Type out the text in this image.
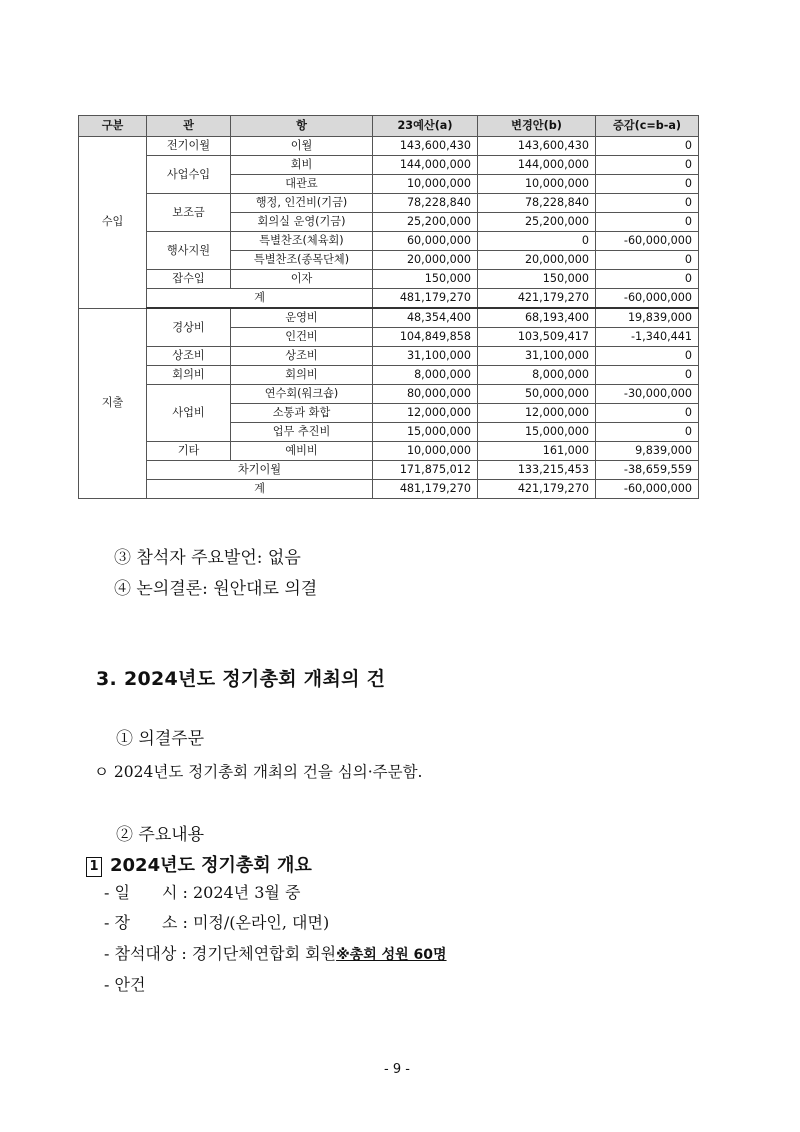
구분	관	항	23예산(a)	변경안(b)	증감(c=b-a)
수입	전기이월	이월	143,600,430	143,600,430	0
	사업수입	회비	144,000,000	144,000,000	0
		대관료	10,000,000	10,000,000	0
	보조금	행정, 인건비(기금)	78,228,840	78,228,840	0
		회의실 운영(기금)	25,200,000	25,200,000	0
	행사지원	특별찬조(체육회)	60,000,000	0	-60,000,000
		특별찬조(종목단체)	20,000,000	20,000,000	0
	잡수입	이자	150,000	150,000	0
	계		481,179,270	421,179,270	-60,000,000
지출	경상비	운영비	48,354,400	68,193,400	19,839,000
		인건비	104,849,858	103,509,417	-1,340,441
	상조비	상조비	31,100,000	31,100,000	0
	회의비	회의비	8,000,000	8,000,000	0
	사업비	연수회(워크숍)	80,000,000	50,000,000	-30,000,000
		소통과 화합	12,000,000	12,000,000	0
		업무 추진비	15,000,000	15,000,000	0
	기타	예비비	10,000,000	161,000	9,839,000
	차기이월		171,875,012	133,215,453	-38,659,559
	계		481,179,270	421,179,270	-60,000,000
③ 참석자 주요발언: 없음
④ 논의결론: 원안대로 의결
3. 2024년도 정기총회 개최의 건
① 의결주문
ㅇ 2024년도 정기총회 개최의 건을 심의·주문함.
② 주요내용
1 2024년도 정기총회 개요
- 일　　시 : 2024년 3월 중
- 장　　소 : 미정/(온라인, 대면)
- 참석대상 : 경기단체연합회 회원※총회 성원 60명
- 안건
- 9 -
